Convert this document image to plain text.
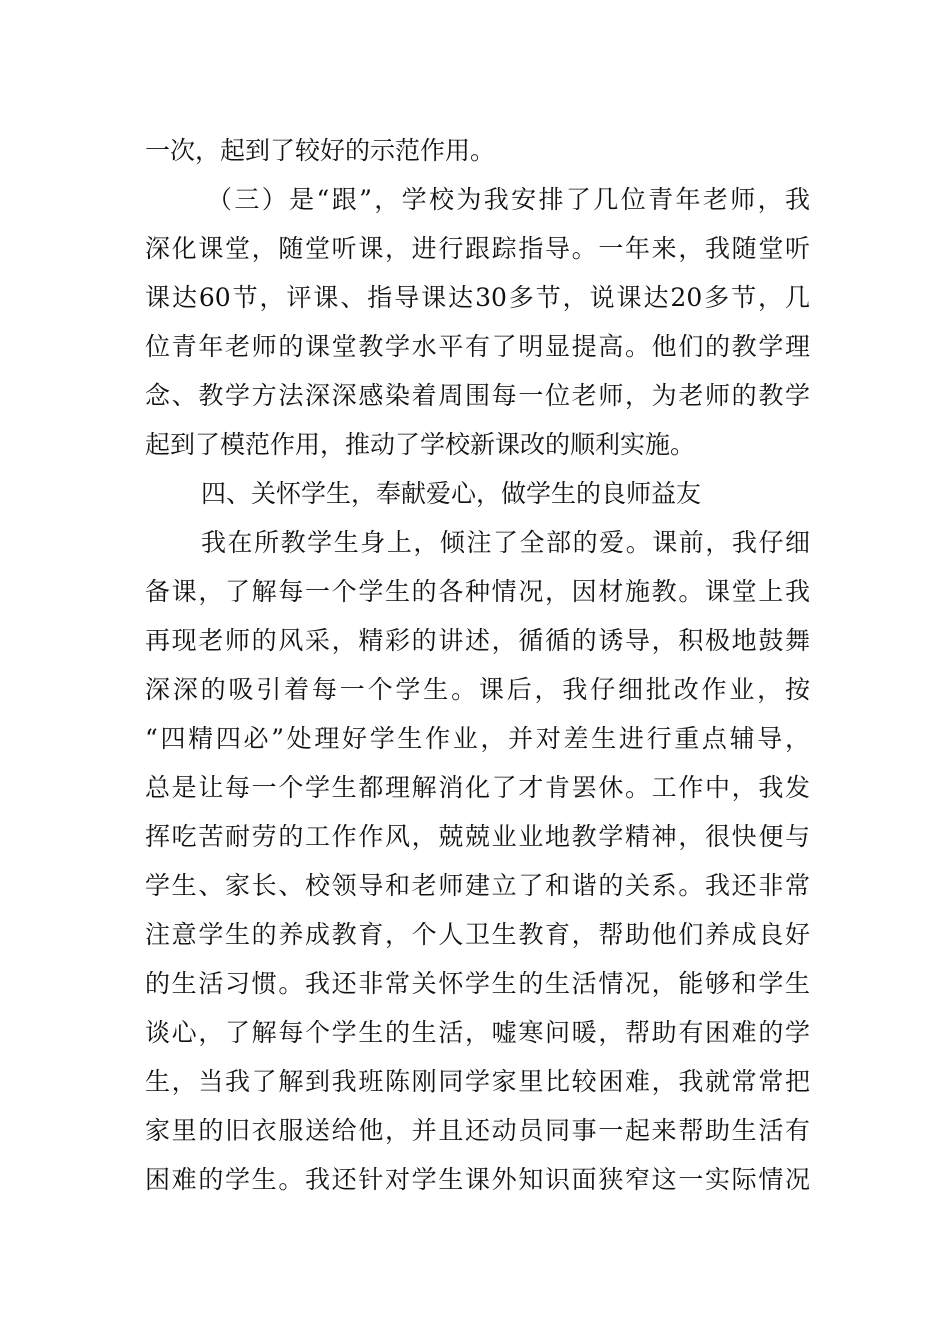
一次，起到了较好的示范作用。
（三）是“跟”，学校为我安排了几位青年老师，我
深化课堂，随堂听课，进行跟踪指导。一年来，我随堂听
课达60节，评课、指导课达30多节，说课达20多节，几
位青年老师的课堂教学水平有了明显提高。他们的教学理
念、教学方法深深感染着周围每一位老师，为老师的教学
起到了模范作用，推动了学校新课改的顺利实施。
四、关怀学生，奉献爱心，做学生的良师益友
我在所教学生身上，倾注了全部的爱。课前，我仔细
备课，了解每一个学生的各种情况，因材施教。课堂上我
再现老师的风采，精彩的讲述，循循的诱导，积极地鼓舞
深深的吸引着每一个学生。课后，我仔细批改作业，按
“四精四必”处理好学生作业，并对差生进行重点辅导，
总是让每一个学生都理解消化了才肯罢休。工作中，我发
挥吃苦耐劳的工作作风，兢兢业业地教学精神，很快便与
学生、家长、校领导和老师建立了和谐的关系。我还非常
注意学生的养成教育，个人卫生教育，帮助他们养成良好
的生活习惯。我还非常关怀学生的生活情况，能够和学生
谈心，了解每个学生的生活，嘘寒问暖，帮助有困难的学
生，当我了解到我班陈刚同学家里比较困难，我就常常把
家里的旧衣服送给他，并且还动员同事一起来帮助生活有
困难的学生。我还针对学生课外知识面狭窄这一实际情况
